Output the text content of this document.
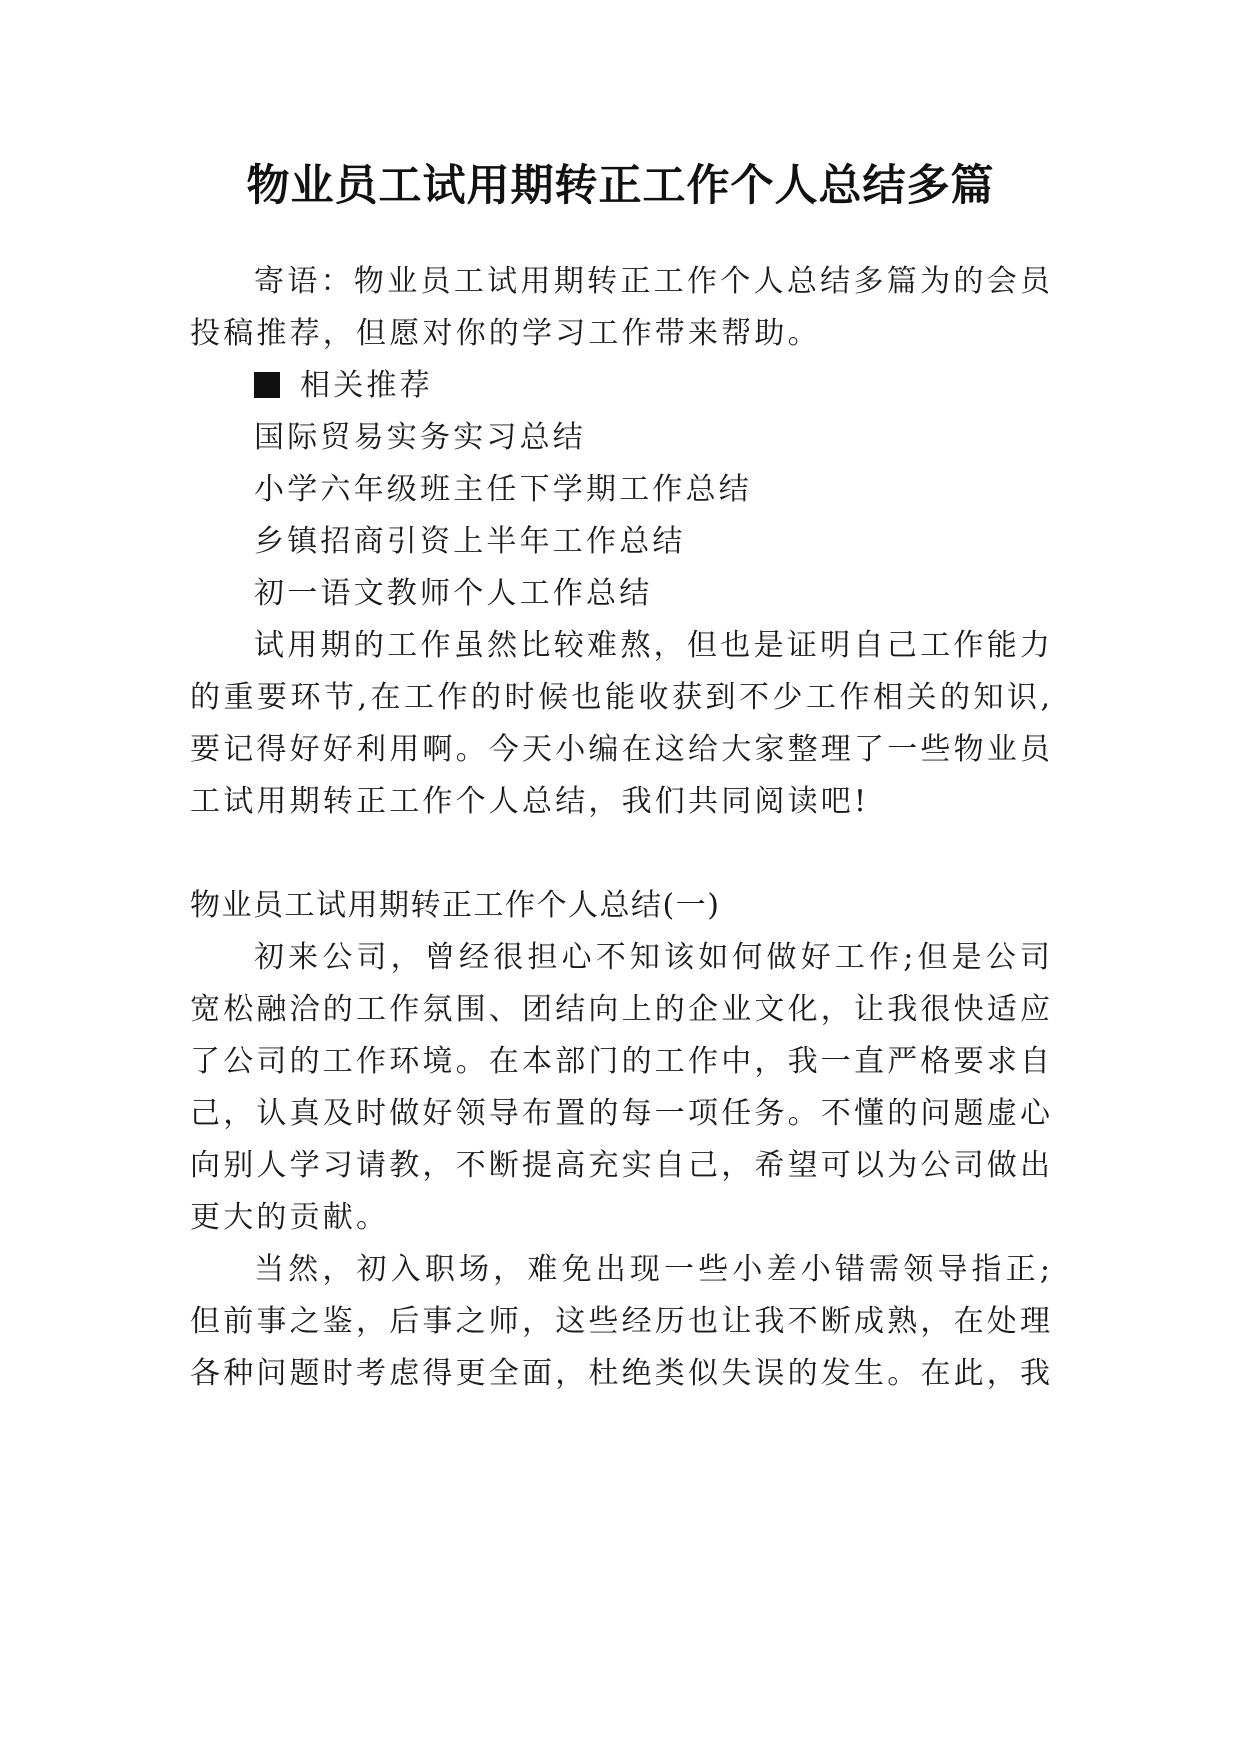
物业员工试用期转正工作个人总结多篇
寄语：物业员工试用期转正工作个人总结多篇为的会员
投稿推荐，但愿对你的学习工作带来帮助。
相关推荐
国际贸易实务实习总结
小学六年级班主任下学期工作总结
乡镇招商引资上半年工作总结
初一语文教师个人工作总结
试用期的工作虽然比较难熬，但也是证明自己工作能力
的重要环节,在工作的时候也能收获到不少工作相关的知识,
要记得好好利用啊。今天小编在这给大家整理了一些物业员
工试用期转正工作个人总结，我们共同阅读吧!
物业员工试用期转正工作个人总结(一)
初来公司，曾经很担心不知该如何做好工作;但是公司
宽松融洽的工作氛围、团结向上的企业文化，让我很快适应
了公司的工作环境。在本部门的工作中，我一直严格要求自
己，认真及时做好领导布置的每一项任务。不懂的问题虚心
向别人学习请教，不断提高充实自己，希望可以为公司做出
更大的贡献。
当然，初入职场，难免出现一些小差小错需领导指正;
但前事之鉴，后事之师，这些经历也让我不断成熟，在处理
各种问题时考虑得更全面，杜绝类似失误的发生。在此，我
